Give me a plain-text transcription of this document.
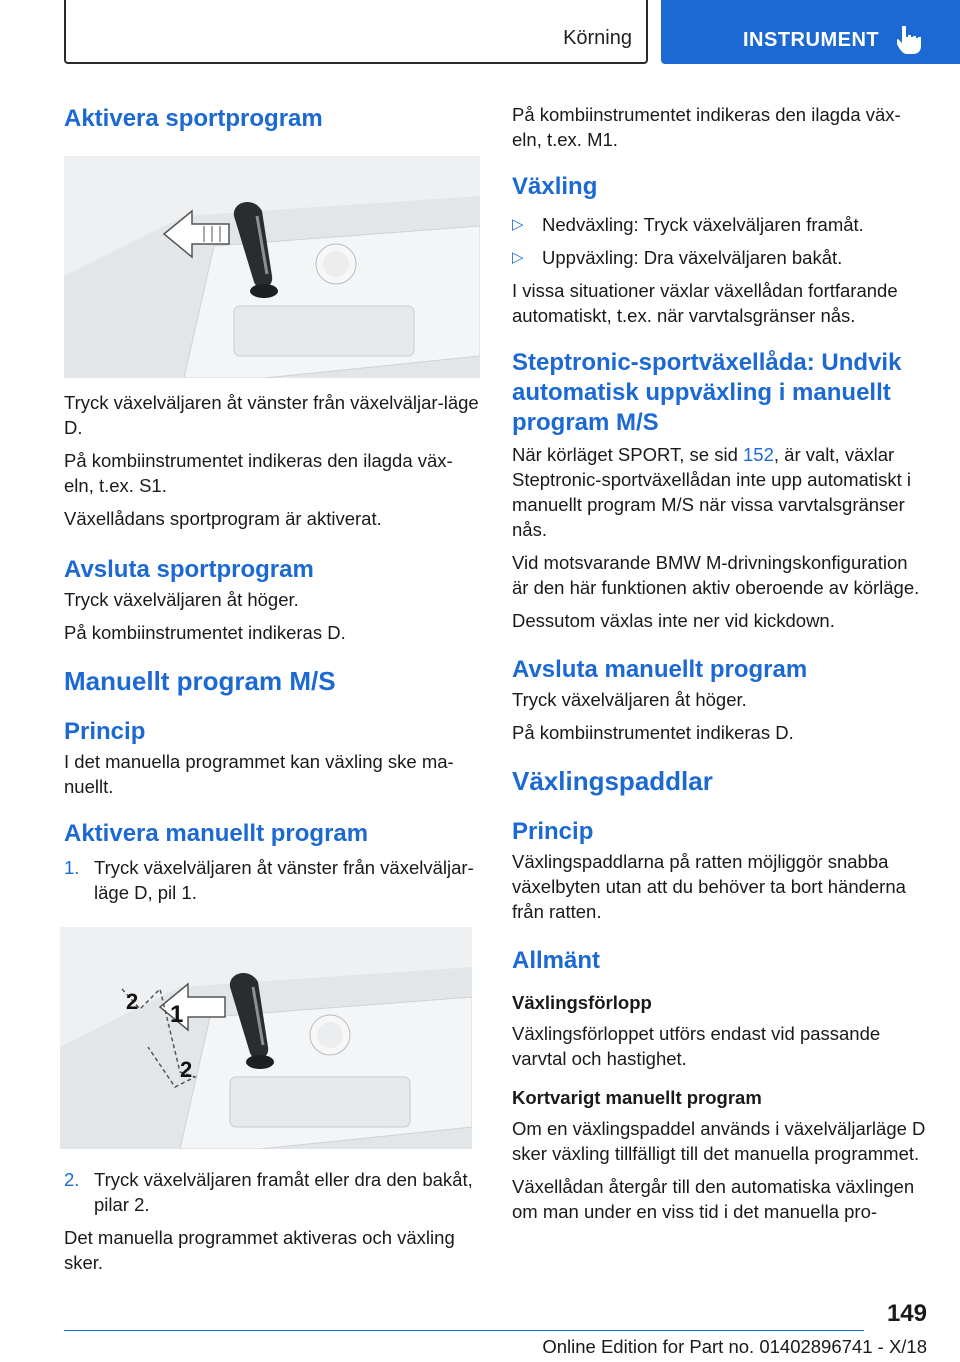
Körning	INSTRUMENT
Aktivera sportprogram

Tryck växelväljaren åt vänster från växelväljar-läge D.

På kombiinstrumentet indikeras den ilagda väx-eln, t.ex. S1.

Växellådans sportprogram är aktiverat.

Avsluta sportprogram

Tryck växelväljaren åt höger.

På kombiinstrumentet indikeras D.

Manuellt program M/S
Princip

I det manuella programmet kan växling ske ma-nuellt.

Aktivera manuellt program
1. Tryck växelväljaren åt vänster från växelväljar-läge D, pil 1.
1
2
2
2. Tryck växelväljaren framåt eller dra den bakåt, pilar 2.

Det manuella programmet aktiveras och växling sker.

På kombiinstrumentet indikeras den ilagda väx-eln, t.ex. M1.

Växling
▷ Nedväxling: Tryck växelväljaren framåt.
▷ Uppväxling: Dra växelväljaren bakåt.

I vissa situationer växlar växellådan fortfarande automatiskt, t.ex. när varvtalsgränser nås.

Steptronic-sportväxellåda: Undvik automatisk uppväxling i manuellt program M/S

När körläget SPORT, se sid 152, är valt, växlar Steptronic-sportväxellådan inte upp automatiskt i manuellt program M/S när vissa varvtalsgränser nås.

Vid motsvarande BMW M-drivningskonfiguration är den här funktionen aktiv oberoende av körläge.

Dessutom växlas inte ner vid kickdown.

Avsluta manuellt program

Tryck växelväljaren åt höger.

På kombiinstrumentet indikeras D.

Växlingspaddlar
Princip

Växlingspaddlarna på ratten möjliggör snabba växelbyten utan att du behöver ta bort händerna från ratten.

Allmänt

Växlingsförlopp

Växlingsförloppet utförs endast vid passande varvtal och hastighet.

Kortvarigt manuellt program

Om en växlingspaddel används i växelväljarläge D sker växling tillfälligt till det manuella programmet.

Växellådan återgår till den automatiska växlingen om man under en viss tid i det manuella pro-

149
Online Edition for Part no. 01402896741 - X/18
